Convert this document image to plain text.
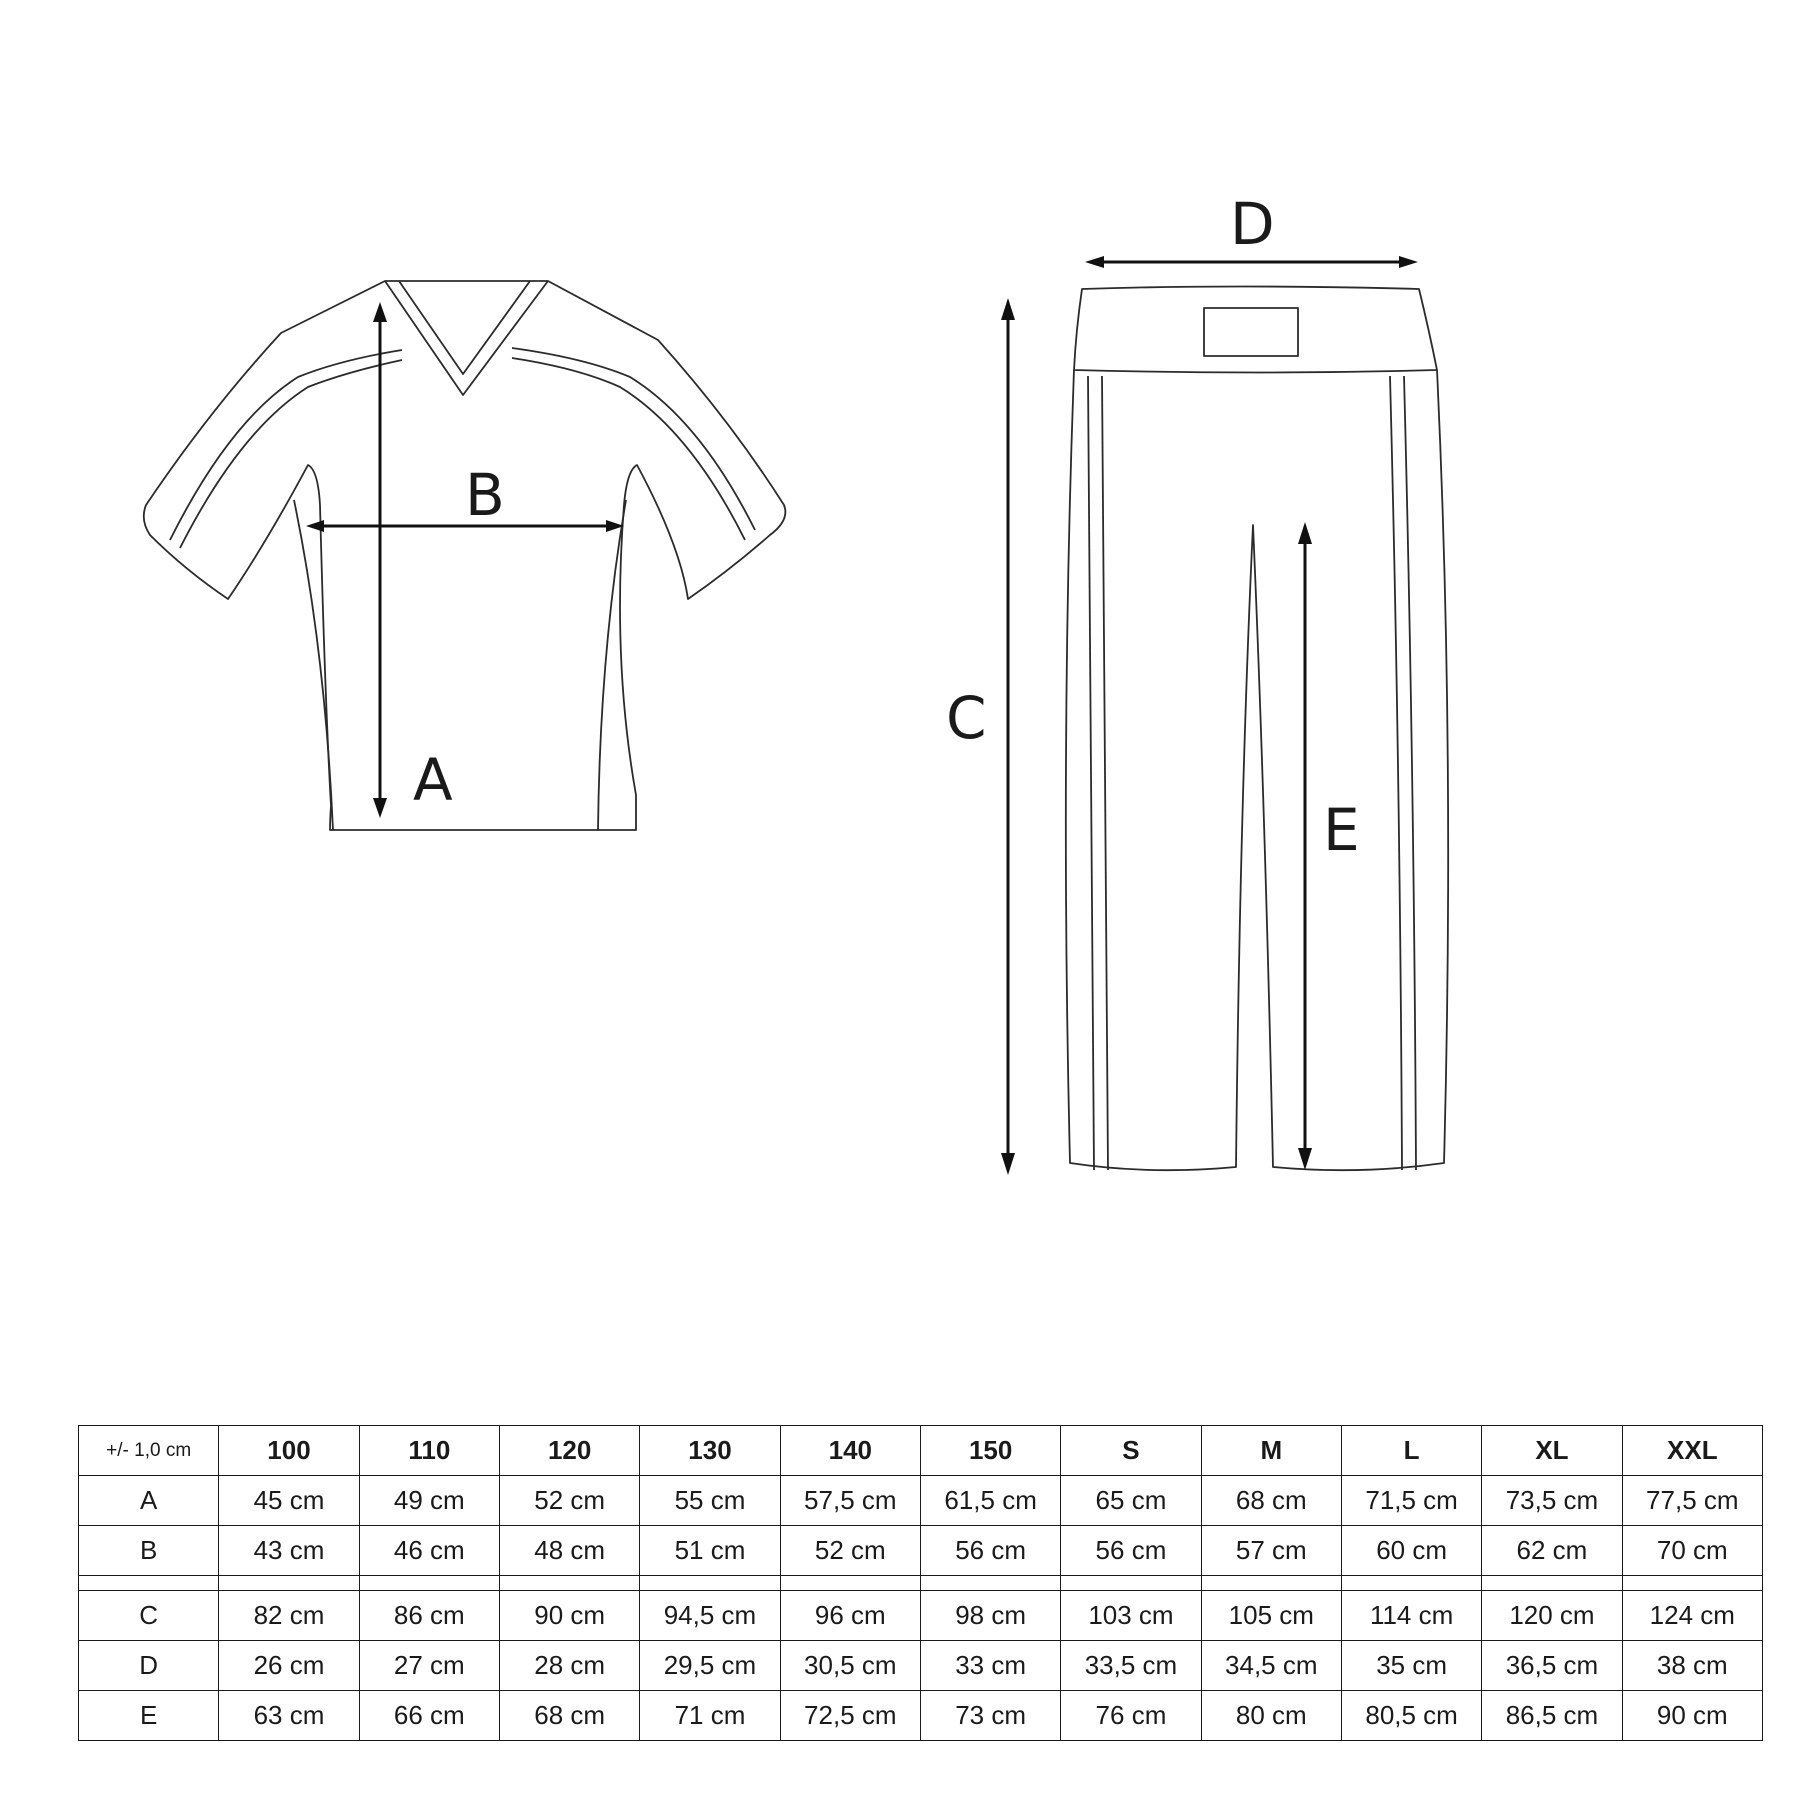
A
B
C
D
E
+/- 1,0 cm	100	110	120	130	140	150	S	M	L	XL	XXL
A	45 cm	49 cm	52 cm	55 cm	57,5 cm	61,5 cm	65 cm	68 cm	71,5 cm	73,5 cm	77,5 cm
B	43 cm	46 cm	48 cm	51 cm	52 cm	56 cm	56 cm	57 cm	60 cm	62 cm	70 cm

C	82 cm	86 cm	90 cm	94,5 cm	96 cm	98 cm	103 cm	105 cm	114 cm	120 cm	124 cm
D	26 cm	27 cm	28 cm	29,5 cm	30,5 cm	33 cm	33,5 cm	34,5 cm	35 cm	36,5 cm	38 cm
E	63 cm	66 cm	68 cm	71 cm	72,5 cm	73 cm	76 cm	80 cm	80,5 cm	86,5 cm	90 cm
